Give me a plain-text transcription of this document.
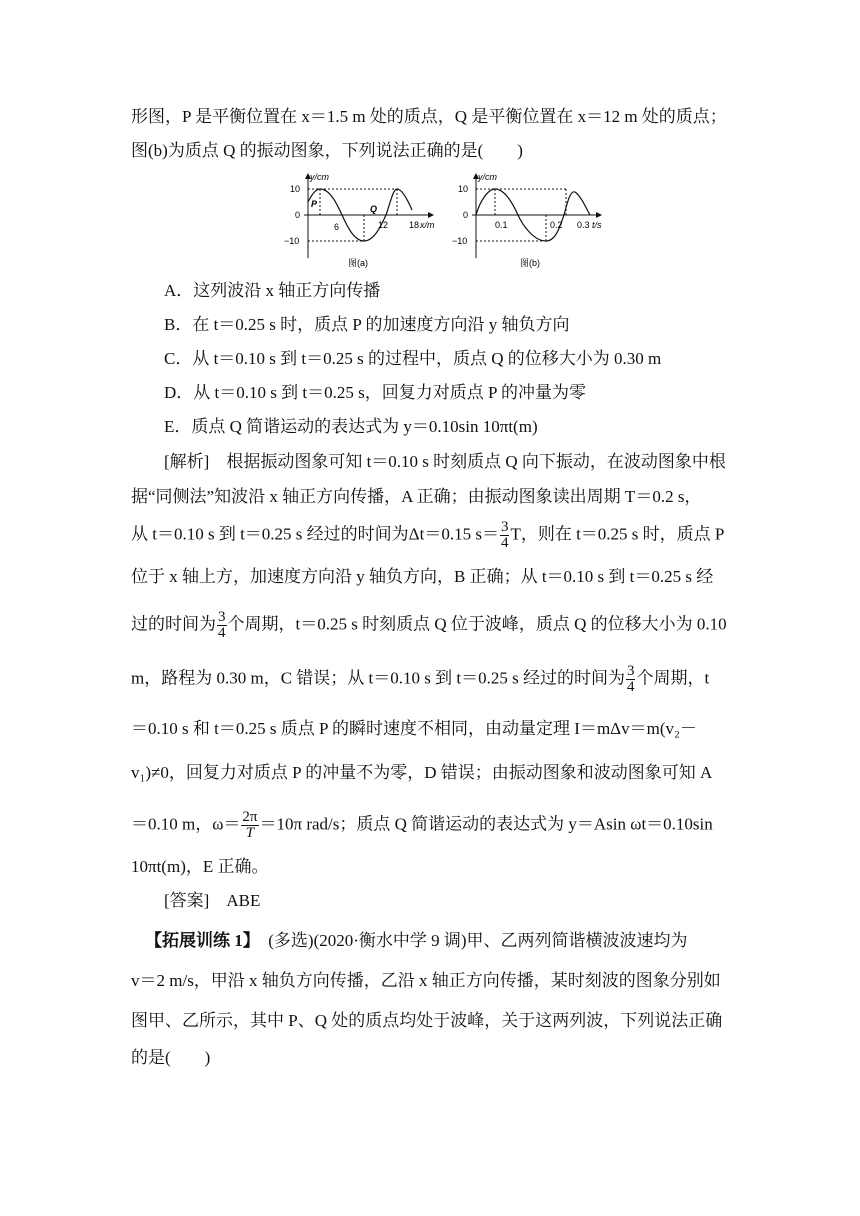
形图，P 是平衡位置在 x＝1.5 m 处的质点，Q 是平衡位置在 x＝12 m 处的质点；
图(b)为质点 Q 的振动图象，下列说法正确的是(　　)
y/cm
10
0
−10
P	Q
6	12 18 x/m
图(a)
y/cm
10
0
−10
0.1	0.2 0.3 t/s
图(b)
A．这列波沿 x 轴正方向传播
B．在 t＝0.25 s 时，质点 P 的加速度方向沿 y 轴负方向
C．从 t＝0.10 s 到 t＝0.25 s 的过程中，质点 Q 的位移大小为 0.30 m
D．从 t＝0.10 s 到 t＝0.25 s，回复力对质点 P 的冲量为零
E．质点 Q 简谐运动的表达式为 y＝0.10sin 10πt(m)
[解析]　根据振动图象可知 t＝0.10 s 时刻质点 Q 向下振动，在波动图象中根
据“同侧法”知波沿 x 轴正方向传播，A 正确；由振动图象读出周期 T＝0.2 s，
从 t＝0.10 s 到 t＝0.25 s 经过的时间为Δt＝0.15 $s= \frac{3}{4}$ T，则在 t＝0.25 s 时，质点 P
位于 x 轴上方，加速度方向沿 y 轴负方向，B 正确；从 t＝0.10 s 到 t＝0.25 s 经
过的时间为 $\frac{3}{4}$ 个周期，t＝0.25 s 时刻质点 Q 位于波峰，质点 Q 的位移大小为 0.10
m，路程为 0.30 m，C 错误；从 t＝0.10 s 到 t＝0.25 s 经过的时间为 $\frac{3}{4}$ 个周期，t
＝0.10 s 和 t＝0.25 s 质点 P 的瞬时速度不相同，由动量定理 I＝mΔv＝m(v₂－
v₁)≠0，回复力对质点 P 的冲量不为零，D 错误；由振动图象和波动图象可知 A
＝0.10 m，$\omega= \frac{2\pi}{T} =10\pi$ rad/s；质点 Q 简谐运动的表达式为 y＝Asin ωt＝0.10sin
10πt(m)，E 正确。
[答案]　ABE
【拓展训练 1】　(多选)(2020·衡水中学 9 调)甲、乙两列简谐横波波速均为
v＝2 m/s，甲沿 x 轴负方向传播，乙沿 x 轴正方向传播，某时刻波的图象分别如
图甲、乙所示，其中 P、Q 处的质点均处于波峰，关于这两列波，下列说法正确
的是(　　)
